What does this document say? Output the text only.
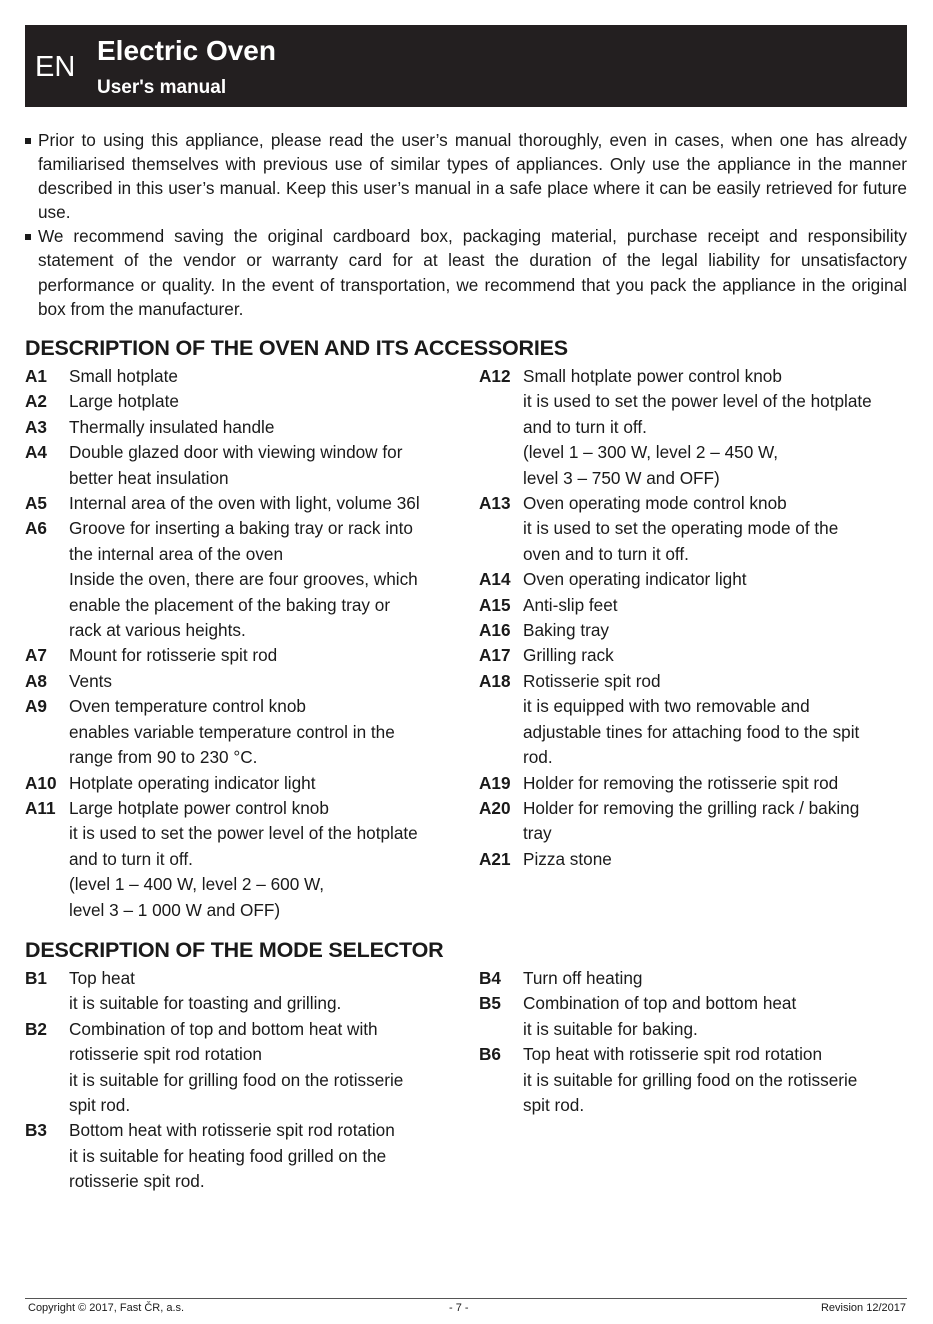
EN
Electric Oven
User's manual
Prior to using this appliance, please read the user’s manual thoroughly, even in cases, when one has already familiarised themselves with previous use of similar types of appliances. Only use the appliance in the manner described in this user’s manual. Keep this user’s manual in a safe place where it can be easily retrieved for future use.
We recommend saving the original cardboard box, packaging material, purchase receipt and responsibility statement of the vendor or warranty card for at least the duration of the legal liability for unsatisfactory performance or quality. In the event of transportation, we recommend that you pack the appliance in the original box from the manufacturer.
DESCRIPTION OF THE OVEN AND ITS ACCESSORIES
A1	Small hotplate
A2	Large hotplate
A3	Thermally insulated handle
A4	Double glazed door with viewing window for
better heat insulation
A5	Internal area of the oven with light, volume 36l
A6	Groove for inserting a baking tray or rack into
the internal area of the oven
Inside the oven, there are four grooves, which
enable the placement of the baking tray or
rack at various heights.
A7	Mount for rotisserie spit rod
A8	Vents
A9	Oven temperature control knob
enables variable temperature control in the
range from 90 to 230 °C.
A10 Hotplate operating indicator light
A11 Large hotplate power control knob
it is used to set the power level of the hotplate
and to turn it off.
(level 1 – 400 W, level 2 – 600 W,
level 3 – 1 000 W and OFF)
A12 Small hotplate power control knob
it is used to set the power level of the hotplate
and to turn it off.
(level 1 – 300 W, level 2 – 450 W,
level 3 – 750 W and OFF)
A13 Oven operating mode control knob
it is used to set the operating mode of the
oven and to turn it off.
A14 Oven operating indicator light
A15 Anti-slip feet
A16 Baking tray
A17 Grilling rack
A18 Rotisserie spit rod
it is equipped with two removable and
adjustable tines for attaching food to the spit
rod.
A19 Holder for removing the rotisserie spit rod
A20 Holder for removing the grilling rack / baking
tray
A21 Pizza stone
DESCRIPTION OF THE MODE SELECTOR
B1	Top heat
it is suitable for toasting and grilling.
B2	Combination of top and bottom heat with
rotisserie spit rod rotation
it is suitable for grilling food on the rotisserie
spit rod.
B3	Bottom heat with rotisserie spit rod rotation
it is suitable for heating food grilled on the
rotisserie spit rod.
B4	Turn off heating
B5	Combination of top and bottom heat
it is suitable for baking.
B6	Top heat with rotisserie spit rod rotation
it is suitable for grilling food on the rotisserie
spit rod.
Copyright © 2017, Fast ČR, a.s.	- 7 -	Revision 12/2017
